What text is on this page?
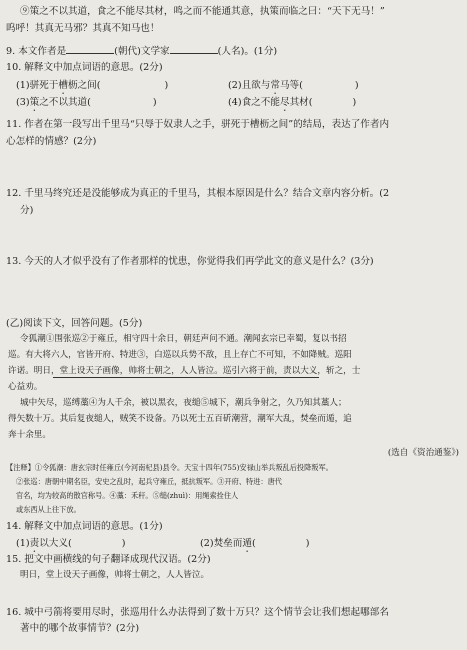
⑨策之不以其道，食之不能尽其材，鸣之而不能通其意，执策而临之曰：“天下无马！”
呜呼！其真无马邪？其真不知马也！
9. 本文作者是	(朝代)文学家	(人名)。(1分)
10. 解释文中加点词语的意思。(2分)
(1)骈死于槽枥之间(	)	(2)且欲与常马等(	)
(3)策之不以其道(	)	(4)食之不能尽其材(	)
11. 作者在第一段写出千里马“只辱于奴隶人之手，骈死于槽枥之间”的结局，表达了作者内
心怎样的情感？(2分)
12. 千里马终究还是没能够成为真正的千里马，其根本原因是什么？结合文章内容分析。(2
分)
13. 今天的人才似乎没有了作者那样的忧患，你觉得我们再学此文的意义是什么？(3分)
(乙)阅读下文，回答问题。(5分)
令狐潮①围张巡②于雍丘，相守四十余日，朝廷声问不通。潮闻玄宗已幸蜀，复以书招
巡。有大将六人，官皆开府、特进③，白巡以兵势不敌，且上存亡不可知，不如降贼。巡阳
许诺。明日，堂上设天子画像，帅将士朝之，人人皆泣。巡引六将于前，责以大义，斩之，士
心益劝。
城中矢尽，巡缚藁④为人千余，被以黑衣，夜缒⑤城下，潮兵争射之，久乃知其藁人；
得矢数十万。其后复夜缒人，贼笑不设备。乃以死士五百斫潮营，潮军大乱，焚垒而遁，追
奔十余里。
(选自《资治通鉴》)
【注释】①令狐潮：唐玄宗时任雍丘(今河南杞县)县令。天宝十四年(755)安禄山举兵叛乱后投降叛军。
②张巡：唐朝中期名臣，安史之乱时，起兵守雍丘，抵抗叛军。③开府、特进：唐代
官名，均为较高的散官称号。④藁：禾秆。⑤缒(zhuì)：用绳索拴住人
或东西从上往下放。
14. 解释文中加点词语的意思。(1分)
(1)责以大义(	)	(2)焚垒而遁(	)
15. 把文中画横线的句子翻译成现代汉语。(2分)
明日，堂上设天子画像，帅将士朝之，人人皆泣。
16. 城中弓箭将要用尽时，张巡用什么办法得到了数十万只？这个情节会让我们想起哪部名
著中的哪个故事情节？(2分)
